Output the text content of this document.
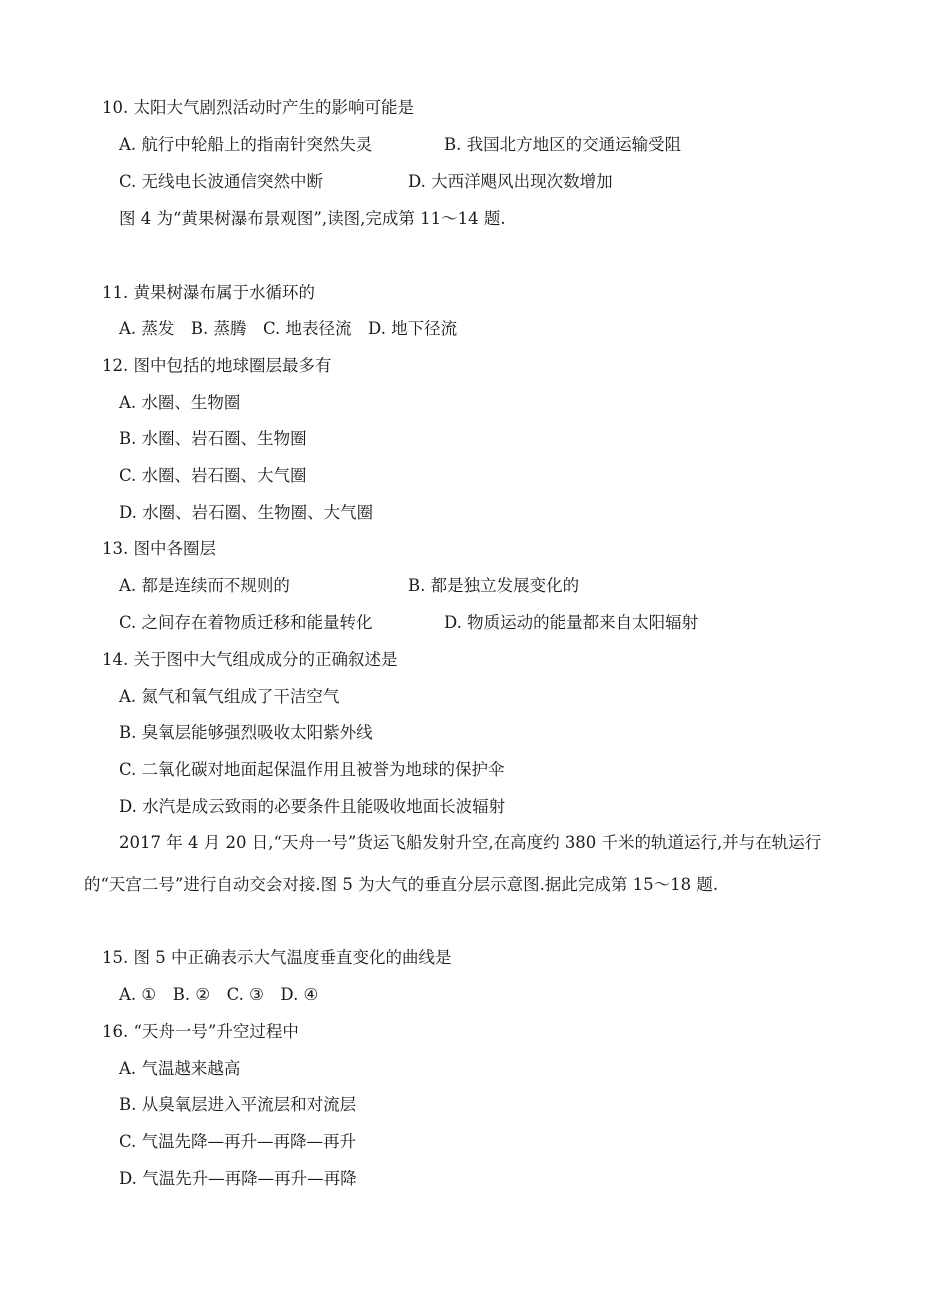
10. 太阳大气剧烈活动时产生的影响可能是
A. 航行中轮船上的指南针突然失灵	B. 我国北方地区的交通运输受阻
C. 无线电长波通信突然中断	D. 大西洋飓风出现次数增加
图 4 为“黄果树瀑布景观图”,读图,完成第 11～14 题.
11. 黄果树瀑布属于水循环的
A. 蒸发　B. 蒸腾　C. 地表径流　D. 地下径流
12. 图中包括的地球圈层最多有
A. 水圈、生物圈
B. 水圈、岩石圈、生物圈
C. 水圈、岩石圈、大气圈
D. 水圈、岩石圈、生物圈、大气圈
13. 图中各圈层
A. 都是连续而不规则的	B. 都是独立发展变化的
C. 之间存在着物质迁移和能量转化	D. 物质运动的能量都来自太阳辐射
14. 关于图中大气组成成分的正确叙述是
A. 氮气和氧气组成了干洁空气
B. 臭氧层能够强烈吸收太阳紫外线
C. 二氧化碳对地面起保温作用且被誉为地球的保护伞
D. 水汽是成云致雨的必要条件且能吸收地面长波辐射
2017 年 4 月 20 日,“天舟一号”货运飞船发射升空,在高度约 380 千米的轨道运行,并与在轨运行
的“天宫二号”进行自动交会对接.图 5 为大气的垂直分层示意图.据此完成第 15～18 题.
15. 图 5 中正确表示大气温度垂直变化的曲线是
A. ①　B. ②　C. ③　D. ④
16. “天舟一号”升空过程中
A. 气温越来越高
B. 从臭氧层进入平流层和对流层
C. 气温先降—再升—再降—再升
D. 气温先升—再降—再升—再降
